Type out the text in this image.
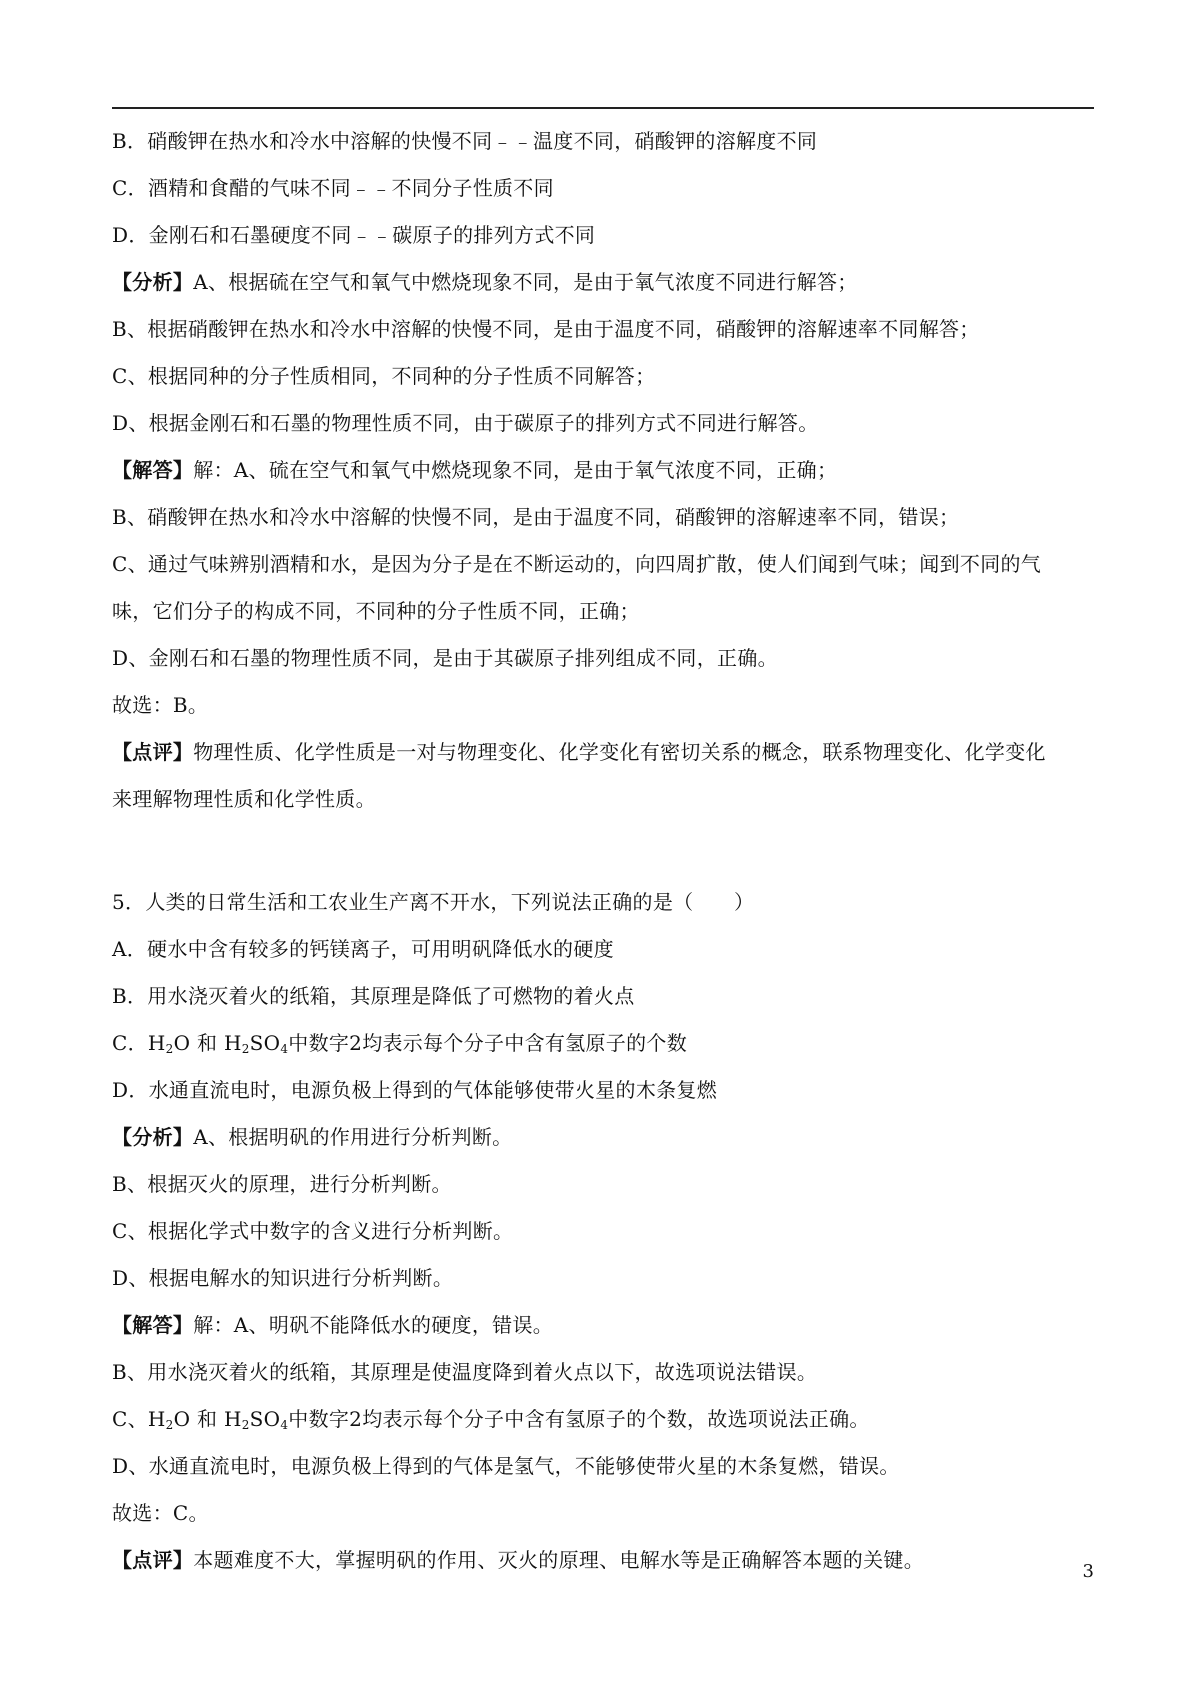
B．硝酸钾在热水和冷水中溶解的快慢不同﹣﹣温度不同，硝酸钾的溶解度不同
C．酒精和食醋的气味不同﹣﹣不同分子性质不同
D．金刚石和石墨硬度不同﹣﹣碳原子的排列方式不同
【分析】A、根据硫在空气和氧气中燃烧现象不同，是由于氧气浓度不同进行解答；
B、根据硝酸钾在热水和冷水中溶解的快慢不同，是由于温度不同，硝酸钾的溶解速率不同解答；
C、根据同种的分子性质相同，不同种的分子性质不同解答；
D、根据金刚石和石墨的物理性质不同，由于碳原子的排列方式不同进行解答。
【解答】解：A、硫在空气和氧气中燃烧现象不同，是由于氧气浓度不同，正确；
B、硝酸钾在热水和冷水中溶解的快慢不同，是由于温度不同，硝酸钾的溶解速率不同，错误；
C、通过气味辨别酒精和水，是因为分子是在不断运动的，向四周扩散，使人们闻到气味；闻到不同的气
味，它们分子的构成不同，不同种的分子性质不同，正确；
D、金刚石和石墨的物理性质不同，是由于其碳原子排列组成不同，正确。
故选：B。
【点评】物理性质、化学性质是一对与物理变化、化学变化有密切关系的概念，联系物理变化、化学变化
来理解物理性质和化学性质。
5．人类的日常生活和工农业生产离不开水，下列说法正确的是（　　）
A．硬水中含有较多的钙镁离子，可用明矾降低水的硬度
B．用水浇灭着火的纸箱，其原理是降低了可燃物的着火点
C．$H_2O$ 和 $H_2SO_4$中数字2均表示每个分子中含有氢原子的个数
D．水通直流电时，电源负极上得到的气体能够使带火星的木条复燃
【分析】A、根据明矾的作用进行分析判断。
B、根据灭火的原理，进行分析判断。
C、根据化学式中数字的含义进行分析判断。
D、根据电解水的知识进行分析判断。
【解答】解：A、明矾不能降低水的硬度，错误。
B、用水浇灭着火的纸箱，其原理是使温度降到着火点以下，故选项说法错误。
C、$H_2O$ 和 $H_2SO_4$中数字2均表示每个分子中含有氢原子的个数，故选项说法正确。
D、水通直流电时，电源负极上得到的气体是氢气，不能够使带火星的木条复燃，错误。
故选：C。
【点评】本题难度不大，掌握明矾的作用、灭火的原理、电解水等是正确解答本题的关键。	3
